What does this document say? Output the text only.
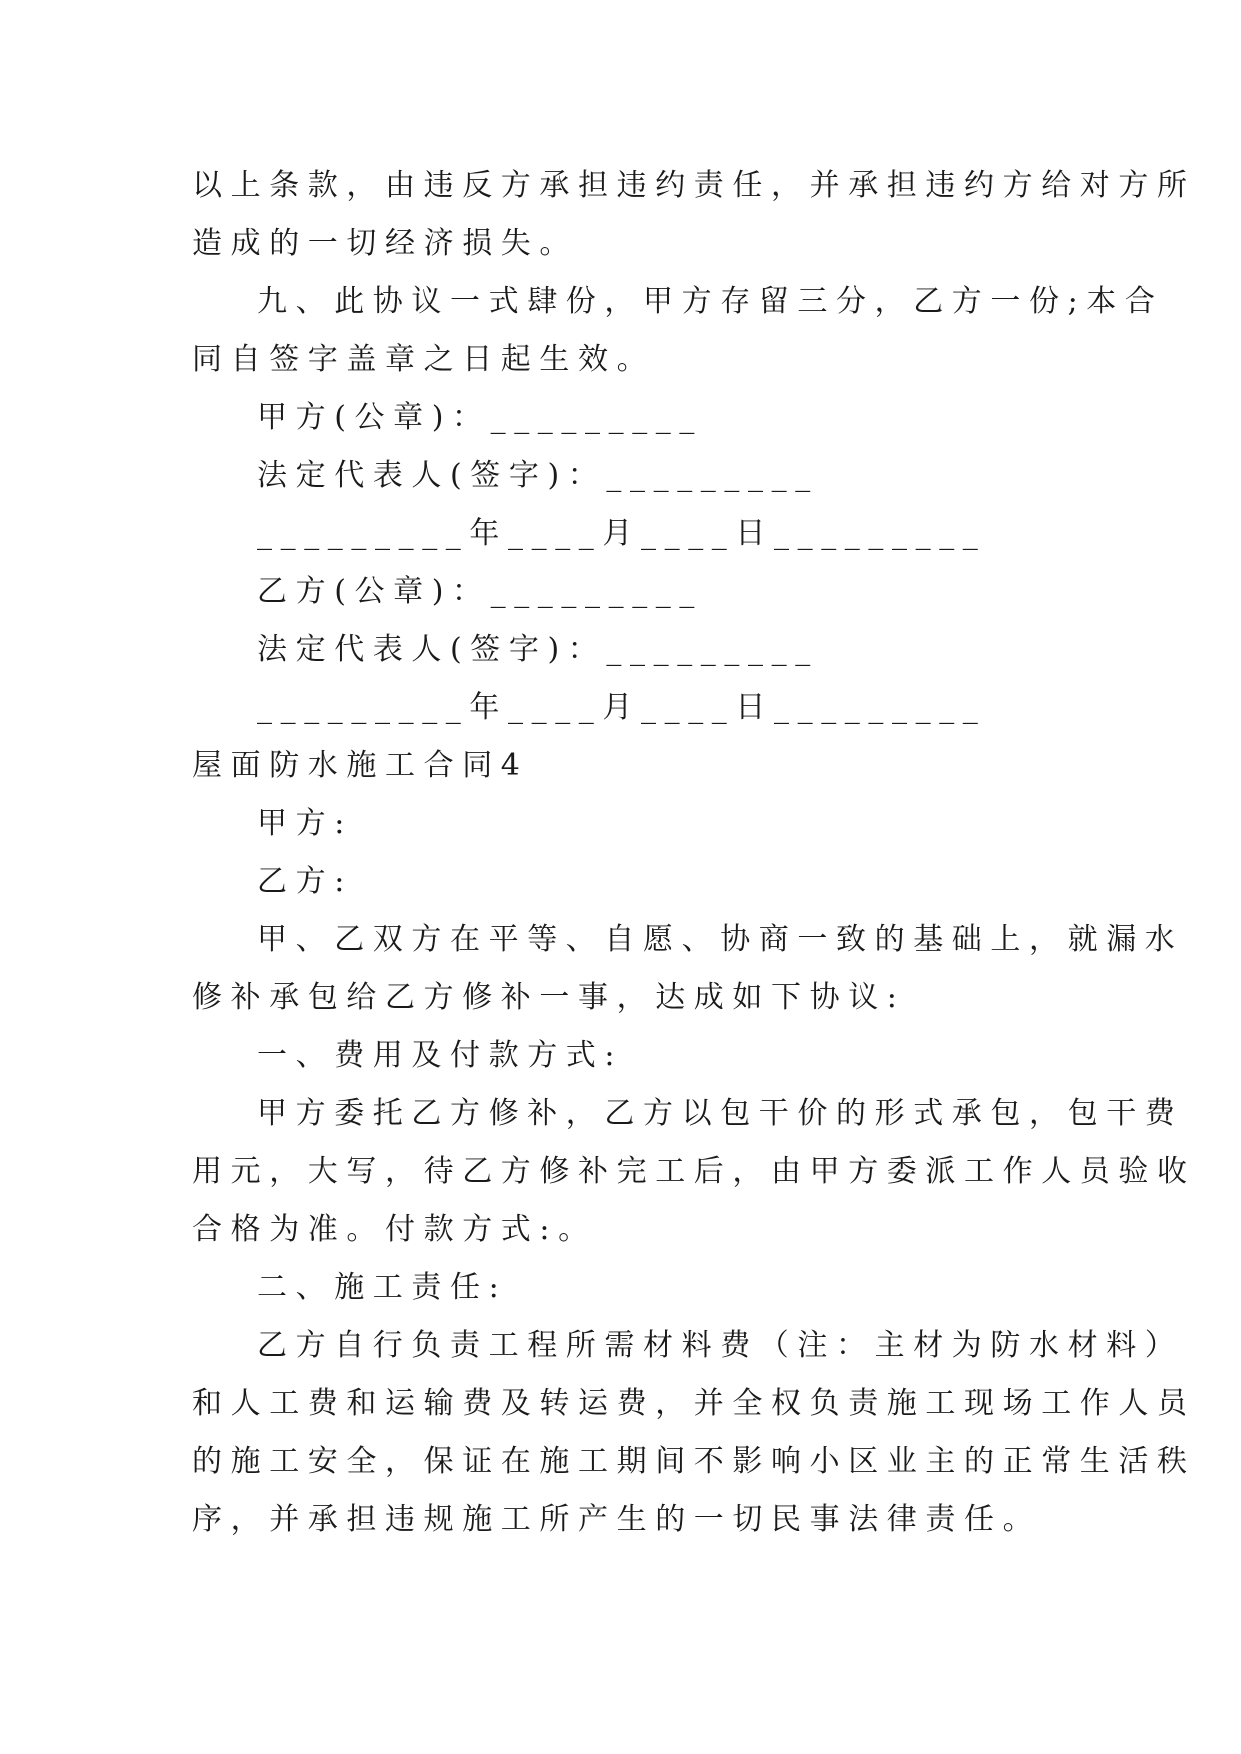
以上条款，由违反方承担违约责任，并承担违约方给对方所

造成的一切经济损失。

九、此协议一式肆份，甲方存留三分，乙方一份;本合

同自签字盖章之日起生效。

甲方(公章)：_________

法定代表人(签字)：_________

_________年____月____日_________

乙方(公章)：_________

法定代表人(签字)：_________

_________年____月____日_________

屋面防水施工合同4

甲方:

乙方:

甲、乙双方在平等、自愿、协商一致的基础上，就漏水

修补承包给乙方修补一事，达成如下协议:

一、费用及付款方式:

甲方委托乙方修补，乙方以包干价的形式承包，包干费

用元，大写，待乙方修补完工后，由甲方委派工作人员验收

合格为准。付款方式:。

二、施工责任:

乙方自行负责工程所需材料费（注：主材为防水材料）

和人工费和运输费及转运费，并全权负责施工现场工作人员

的施工安全，保证在施工期间不影响小区业主的正常生活秩

序，并承担违规施工所产生的一切民事法律责任。
